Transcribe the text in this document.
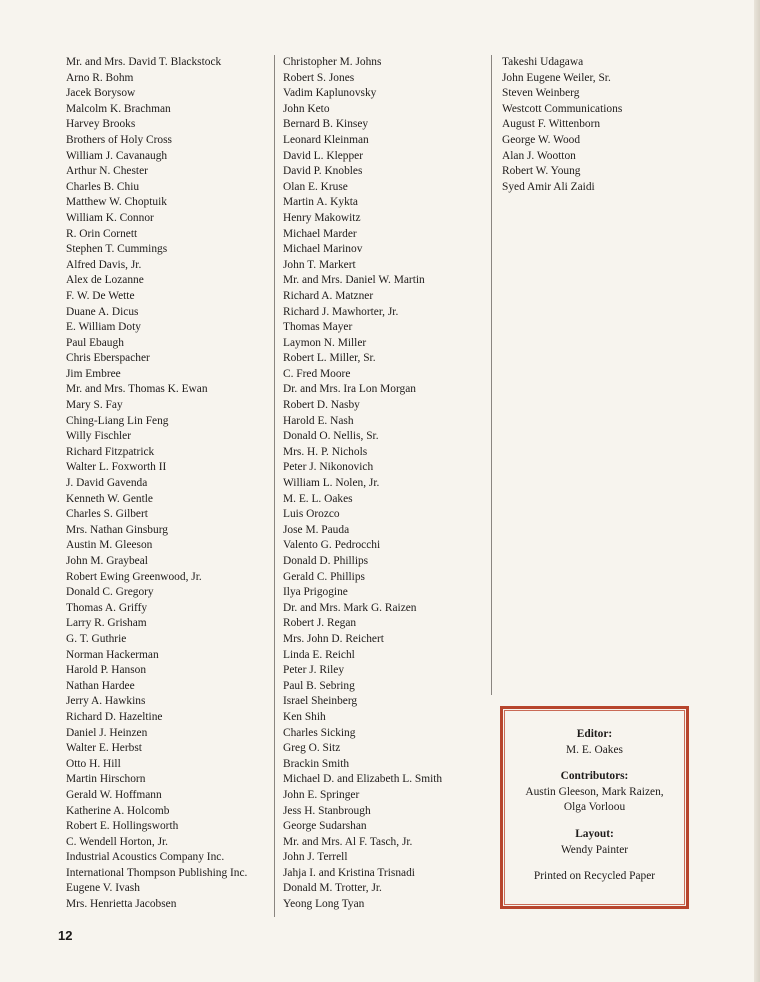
Mr. and Mrs. David T. Blackstock
Arno R. Bohm
Jacek Borysow
Malcolm K. Brachman
Harvey Brooks
Brothers of Holy Cross
William J. Cavanaugh
Arthur N. Chester
Charles B. Chiu
Matthew W. Choptuik
William K. Connor
R. Orin Cornett
Stephen T. Cummings
Alfred Davis, Jr.
Alex de Lozanne
F. W. De Wette
Duane A. Dicus
E. William Doty
Paul Ebaugh
Chris Eberspacher
Jim Embree
Mr. and Mrs. Thomas K. Ewan
Mary S. Fay
Ching-Liang Lin Feng
Willy Fischler
Richard Fitzpatrick
Walter L. Foxworth II
J. David Gavenda
Kenneth W. Gentle
Charles S. Gilbert
Mrs. Nathan Ginsburg
Austin M. Gleeson
John M. Graybeal
Robert Ewing Greenwood, Jr.
Donald C. Gregory
Thomas A. Griffy
Larry R. Grisham
G. T. Guthrie
Norman Hackerman
Harold P. Hanson
Nathan Hardee
Jerry A. Hawkins
Richard D. Hazeltine
Daniel J. Heinzen
Walter E. Herbst
Otto H. Hill
Martin Hirschorn
Gerald W. Hoffmann
Katherine A. Holcomb
Robert E. Hollingsworth
C. Wendell Horton, Jr.
Industrial Acoustics Company Inc.
International Thompson Publishing Inc.
Eugene V. Ivash
Mrs. Henrietta Jacobsen
Christopher M. Johns
Robert S. Jones
Vadim Kaplunovsky
John Keto
Bernard B. Kinsey
Leonard Kleinman
David L. Klepper
David P. Knobles
Olan E. Kruse
Martin A. Kykta
Henry Makowitz
Michael Marder
Michael Marinov
John T. Markert
Mr. and Mrs. Daniel W. Martin
Richard A. Matzner
Richard J. Mawhorter, Jr.
Thomas Mayer
Laymon N. Miller
Robert L. Miller, Sr.
C. Fred Moore
Dr. and Mrs. Ira Lon Morgan
Robert D. Nasby
Harold E. Nash
Donald O. Nellis, Sr.
Mrs. H. P. Nichols
Peter J. Nikonovich
William L. Nolen, Jr.
M. E. L. Oakes
Luis Orozco
Jose M. Pauda
Valento G. Pedrocchi
Donald D. Phillips
Gerald C. Phillips
Ilya Prigogine
Dr. and Mrs. Mark G. Raizen
Robert J. Regan
Mrs. John D. Reichert
Linda E. Reichl
Peter J. Riley
Paul B. Sebring
Israel Sheinberg
Ken Shih
Charles Sicking
Greg O. Sitz
Brackin Smith
Michael D. and Elizabeth L. Smith
John E. Springer
Jess H. Stanbrough
George Sudarshan
Mr. and Mrs. Al F. Tasch, Jr.
John J. Terrell
Jahja I. and Kristina Trisnadi
Donald M. Trotter, Jr.
Yeong Long Tyan
Takeshi Udagawa
John Eugene Weiler, Sr.
Steven Weinberg
Westcott Communications
August F. Wittenborn
George W. Wood
Alan J. Wootton
Robert W. Young
Syed Amir Ali Zaidi
Editor:
M. E. Oakes
Contributors:
Austin Gleeson, Mark Raizen,
Olga Vorloou
Layout:
Wendy Painter
Printed on Recycled Paper
12
